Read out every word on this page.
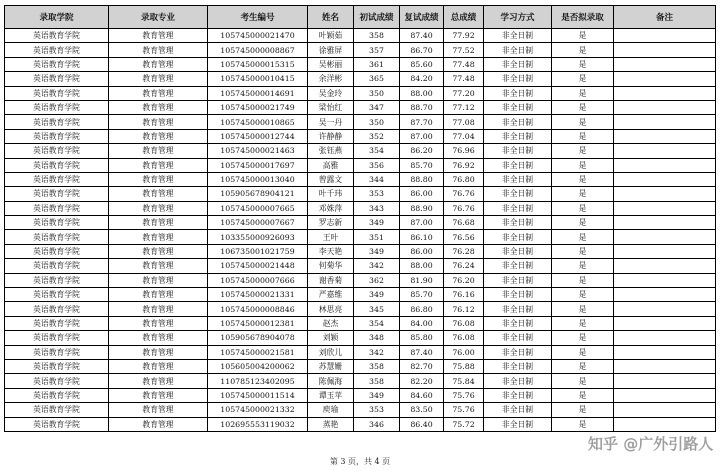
录取学院	录取专业	考生编号	姓名	初试成绩	复试成绩	总成绩	学习方式	是否拟录取	备注
英语教育学院	教育管理	105745000021470	叶颖茹	358	87.40	77.92	非全日制	是	
英语教育学院	教育管理	105745000008867	徐雅屏	357	86.70	77.52	非全日制	是	
英语教育学院	教育管理	105745000015315	吴彬丽	361	85.60	77.48	非全日制	是	
英语教育学院	教育管理	105745000010415	余洋彬	365	84.20	77.48	非全日制	是	
英语教育学院	教育管理	105745000014691	吴金玲	350	88.00	77.20	非全日制	是	
英语教育学院	教育管理	105745000021749	梁怡红	347	88.70	77.12	非全日制	是	
英语教育学院	教育管理	105745000010865	吴一丹	350	87.70	77.08	非全日制	是	
英语教育学院	教育管理	105745000012744	许静静	352	87.00	77.04	非全日制	是	
英语教育学院	教育管理	105745000021463	张钰燕	354	86.20	76.96	非全日制	是	
英语教育学院	教育管理	105745000017697	高雅	356	85.70	76.92	非全日制	是	
英语教育学院	教育管理	105745000013040	曾露文	344	88.80	76.80	非全日制	是	
英语教育学院	教育管理	105905678904121	叶千玮	353	86.00	76.76	非全日制	是	
英语教育学院	教育管理	105745000007665	邓姝萍	343	88.90	76.76	非全日制	是	
英语教育学院	教育管理	105745000007667	罗志新	349	87.00	76.68	非全日制	是	
英语教育学院	教育管理	103355000926093	王叶	351	86.10	76.56	非全日制	是	
英语教育学院	教育管理	106735001021759	李天艳	349	86.00	76.28	非全日制	是	
英语教育学院	教育管理	105745000021448	何菊华	342	88.00	76.24	非全日制	是	
英语教育学院	教育管理	105745000007666	谢香菊	362	81.90	76.20	非全日制	是	
英语教育学院	教育管理	105745000021331	严嘉维	349	85.70	76.16	非全日制	是	
英语教育学院	教育管理	105745000008846	林思亮	345	86.80	76.12	非全日制	是	
英语教育学院	教育管理	105745000012381	赵杰	354	84.00	76.08	非全日制	是	
英语教育学院	教育管理	105905678904078	刘颖	348	85.80	76.08	非全日制	是	
英语教育学院	教育管理	105745000021581	刘欣儿	342	87.40	76.00	非全日制	是	
英语教育学院	教育管理	105605004200062	苏慧姗	358	82.70	75.88	非全日制	是	
英语教育学院	教育管理	110785123402095	陈佩海	358	82.20	75.84	非全日制	是	
英语教育学院	教育管理	105745000011514	谭玉苹	349	84.60	75.76	非全日制	是	
英语教育学院	教育管理	105745000021332	庾瑜	353	83.50	75.76	非全日制	是	
英语教育学院	教育管理	102695553119032	蒸艳	346	86.40	75.72	非全日制	是	
第 3 页，共 4 页
知乎 @广外引路人
